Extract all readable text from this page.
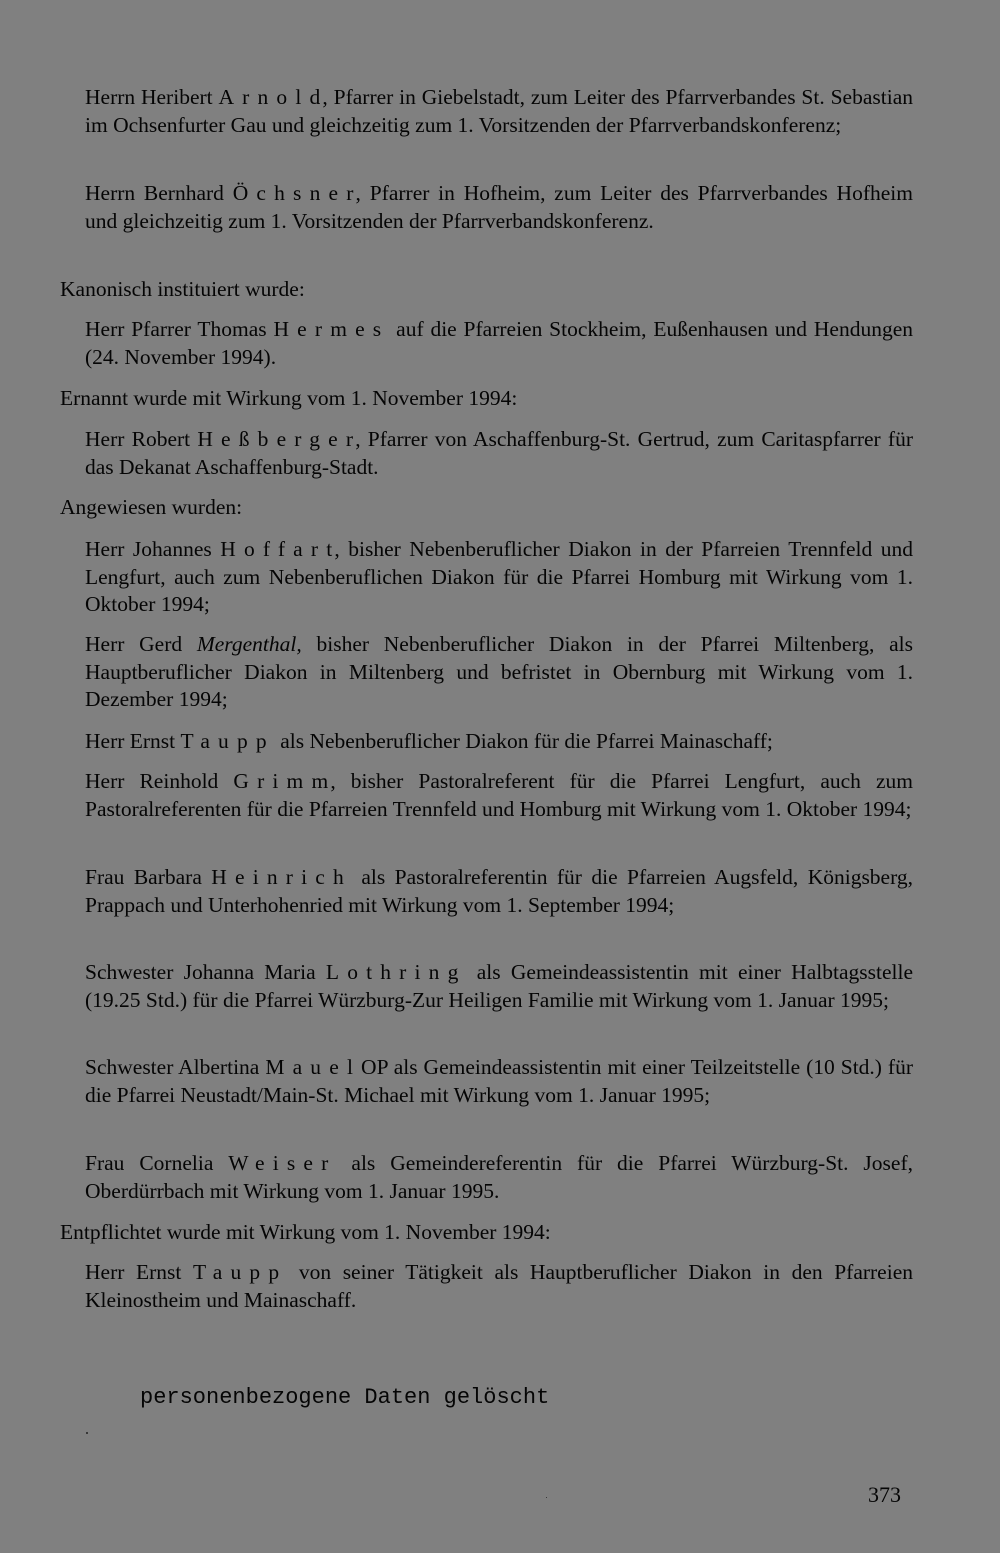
Herrn Heribert Arnold, Pfarrer in Giebelstadt, zum Leiter des Pfarrverbandes St. Sebastian im Ochsenfurter Gau und gleichzeitig zum 1. Vorsitzenden der Pfarrverbandskonferenz;

Herrn Bernhard Öchsner, Pfarrer in Hofheim, zum Leiter des Pfarrverbandes Hofheim und gleichzeitig zum 1. Vorsitzenden der Pfarrverbandskonferenz.

Kanonisch instituiert wurde:

Herr Pfarrer Thomas Hermes auf die Pfarreien Stockheim, Eußenhausen und Hendungen (24. November 1994).

Ernannt wurde mit Wirkung vom 1. November 1994:

Herr Robert Heßberger, Pfarrer von Aschaffenburg-St. Gertrud, zum Caritaspfarrer für das Dekanat Aschaffenburg-Stadt.

Angewiesen wurden:

Herr Johannes Hoffart, bisher Nebenberuflicher Diakon in der Pfarreien Trennfeld und Lengfurt, auch zum Nebenberuflichen Diakon für die Pfarrei Homburg mit Wirkung vom 1. Oktober 1994;

Herr Gerd Mergenthal, bisher Nebenberuflicher Diakon in der Pfarrei Miltenberg, als Hauptberuflicher Diakon in Miltenberg und befristet in Obernburg mit Wirkung vom 1. Dezember 1994;

Herr Ernst Taupp als Nebenberuflicher Diakon für die Pfarrei Mainaschaff;

Herr Reinhold Grimm, bisher Pastoralreferent für die Pfarrei Lengfurt, auch zum Pastoralreferenten für die Pfarreien Trennfeld und Homburg mit Wirkung vom 1. Oktober 1994;

Frau Barbara Heinrich als Pastoralreferentin für die Pfarreien Augsfeld, Königsberg, Prappach und Unterhohenried mit Wirkung vom 1. September 1994;

Schwester Johanna Maria Lothring als Gemeindeassistentin mit einer Halbtagsstelle (19.25 Std.) für die Pfarrei Würzburg-Zur Heiligen Familie mit Wirkung vom 1. Januar 1995;

Schwester Albertina Mauel OP als Gemeindeassistentin mit einer Teilzeitstelle (10 Std.) für die Pfarrei Neustadt/Main-St. Michael mit Wirkung vom 1. Januar 1995;

Frau Cornelia Weiser als Gemeindereferentin für die Pfarrei Würzburg-St. Josef, Oberdürrbach mit Wirkung vom 1. Januar 1995.

Entpflichtet wurde mit Wirkung vom 1. November 1994:

Herr Ernst Taupp von seiner Tätigkeit als Hauptberuflicher Diakon in den Pfarreien Kleinostheim und Mainaschaff.

personenbezogene Daten gelöscht
373
